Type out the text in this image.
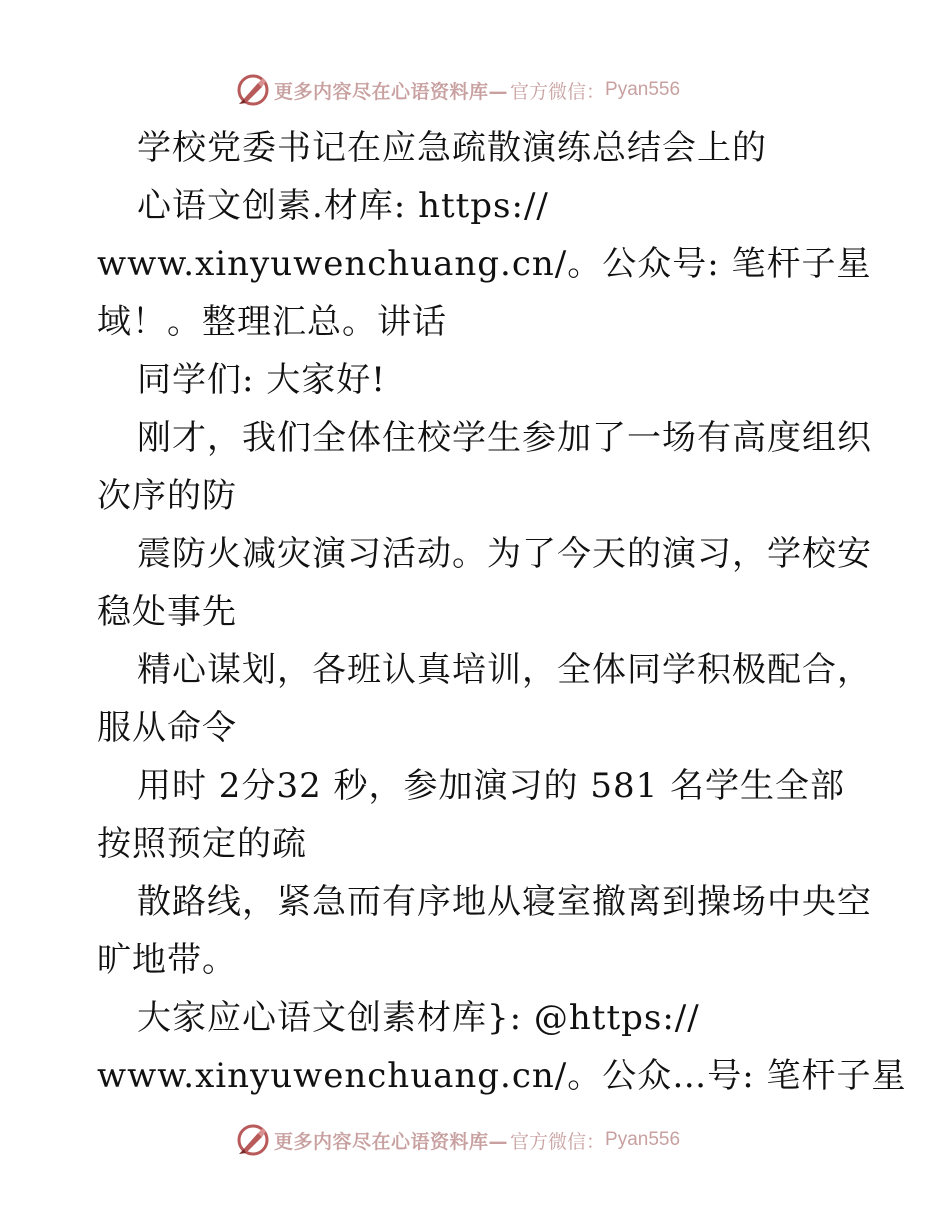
更多内容尽在心语资料库— 官方微信： Pyan556
学校党委书记在应急疏散演练总结会上的
心语文创素.材库: https://
www.xinyuwenchuang.cn/。公众号: 笔杆子星
域！。整理汇总。讲话
同学们: 大家好!
刚才，我们全体住校学生参加了一场有高度组织
次序的防
震防火减灾演习活动。为了今天的演习，学校安
稳处事先
精心谋划，各班认真培训，全体同学积极配合，
服从命令
用时 2分32 秒，参加演习的 581 名学生全部
按照预定的疏
散路线，紧急而有序地从寝室撤离到操场中央空
旷地带。
大家应心语文创素材库}: @https://
www.xinyuwenchuang.cn/。公众…号: 笔杆子星
更多内容尽在心语资料库— 官方微信： Pyan556
